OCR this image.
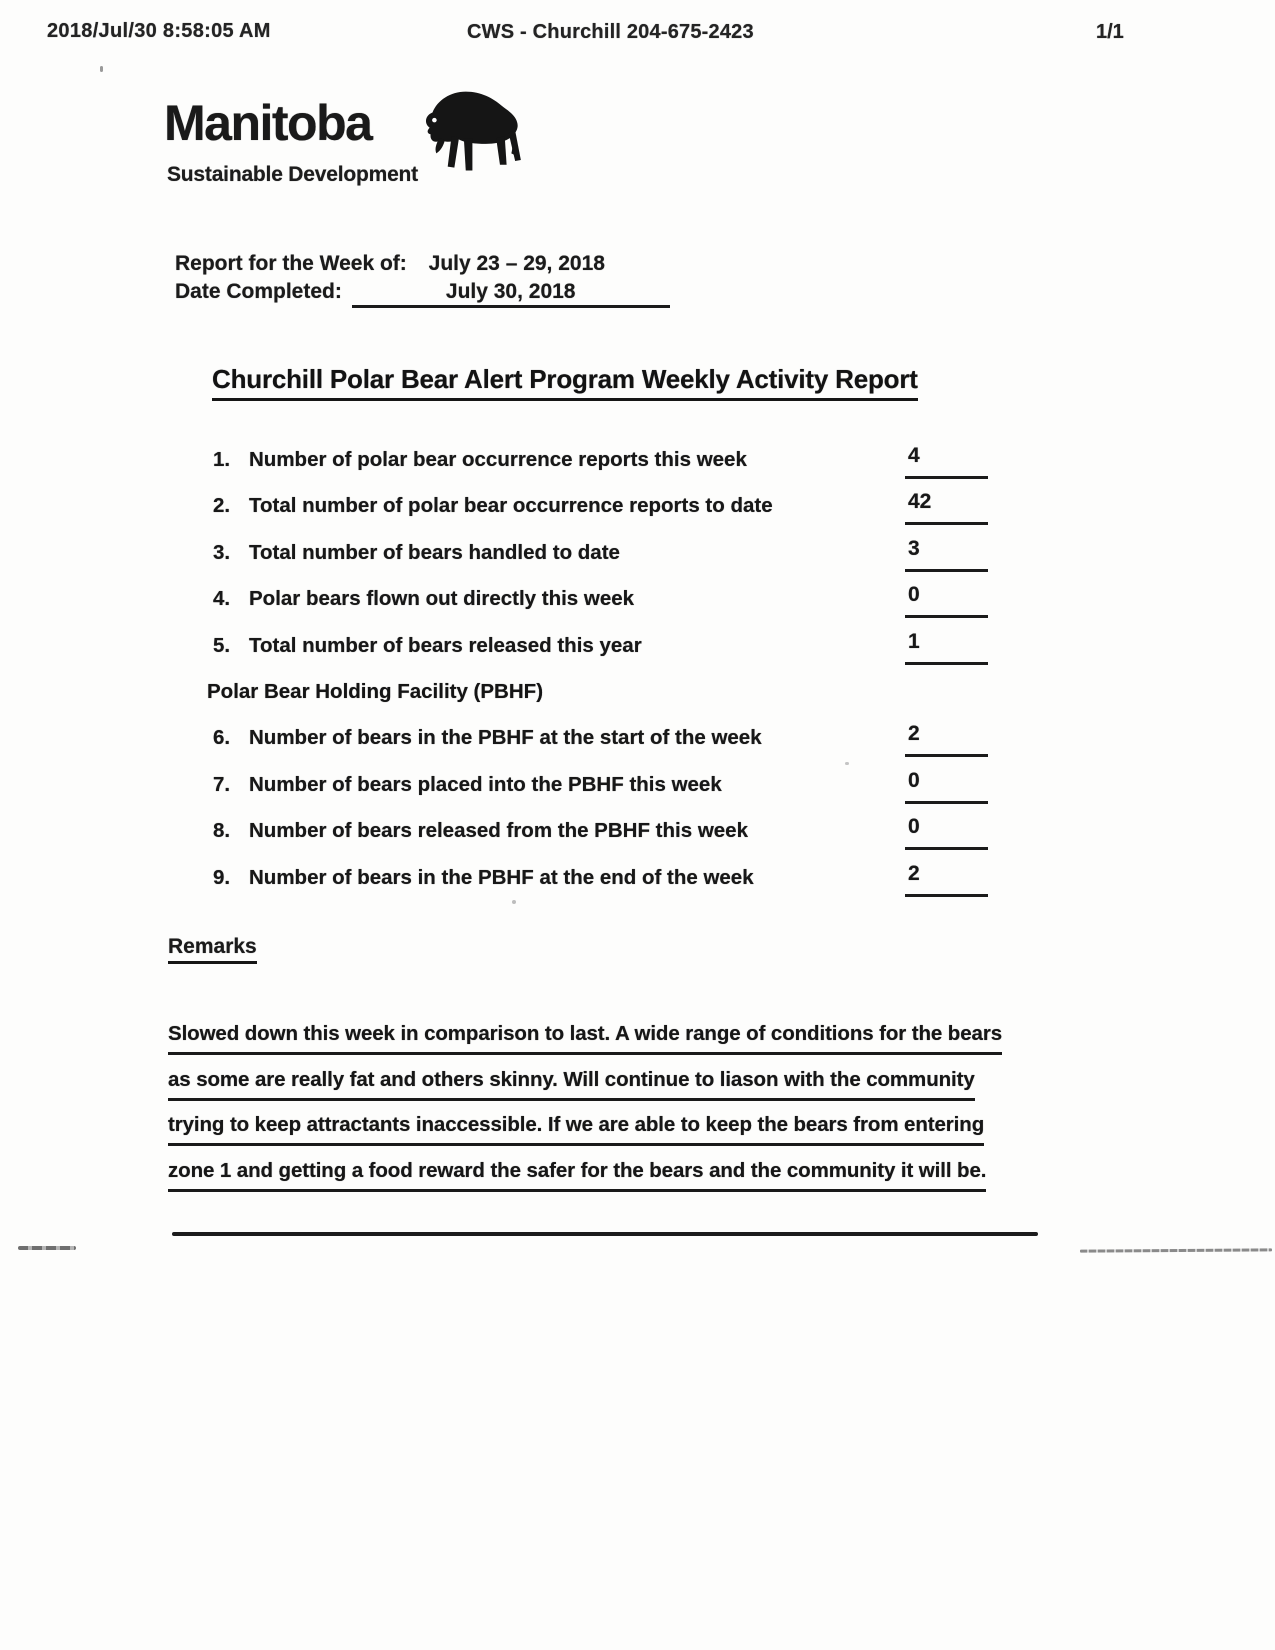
2018/Jul/30 8:58:05 AM	CWS - Churchill 204-675-2423	1/1
Manitoba
Sustainable Development
Report for the Week of: July 23 – 29, 2018
Date Completed:	July 30, 2018
Churchill Polar Bear Alert Program Weekly Activity Report
1. Number of polar bear occurrence reports this week	4
2. Total number of polar bear occurrence reports to date	42
3. Total number of bears handled to date	3
4. Polar bears flown out directly this week	0
5. Total number of bears released this year	1
Polar Bear Holding Facility (PBHF)
6. Number of bears in the PBHF at the start of the week	2
7. Number of bears placed into the PBHF this week	0
8. Number of bears released from the PBHF this week	0
9. Number of bears in the PBHF at the end of the week	2
Remarks
Slowed down this week in comparison to last. A wide range of conditions for the bears
as some are really fat and others skinny. Will continue to liason with the community
trying to keep attractants inaccessible. If we are able to keep the bears from entering
zone 1 and getting a food reward the safer for the bears and the community it will be.
